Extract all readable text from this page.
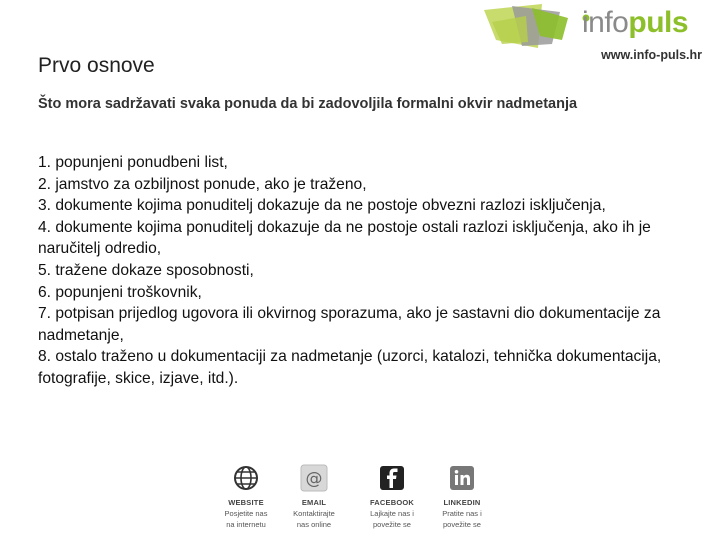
infopuls
www.info-puls.hr
Prvo osnove
Što mora sadržavati svaka ponuda da bi zadovoljila formalni okvir nadmetanja
1. popunjeni ponudbeni list,
2. jamstvo za ozbiljnost ponude, ako je traženo,
3. dokumente kojima ponuditelj dokazuje da ne postoje obvezni razlozi isključenja,
4. dokumente kojima ponuditelj dokazuje da ne postoje ostali razlozi isključenja, ako ih je naručitelj odredio,
5. tražene dokaze sposobnosti,
6. popunjeni troškovnik,
7. potpisan prijedlog ugovora ili okvirnog sporazuma, ako je sastavni dio dokumentacije za nadmetanje,
8. ostalo traženo u dokumentaciji za nadmetanje (uzorci, katalozi, tehnička dokumentacija, fotografije, skice, izjave, itd.).
WEBSITE
Posjetite nas
na internetu
@
EMAIL
Kontaktirajte
nas online
FACEBOOK
Lajkajte nas i
povežite se
LINKEDIN
Pratite nas i
povežite se
